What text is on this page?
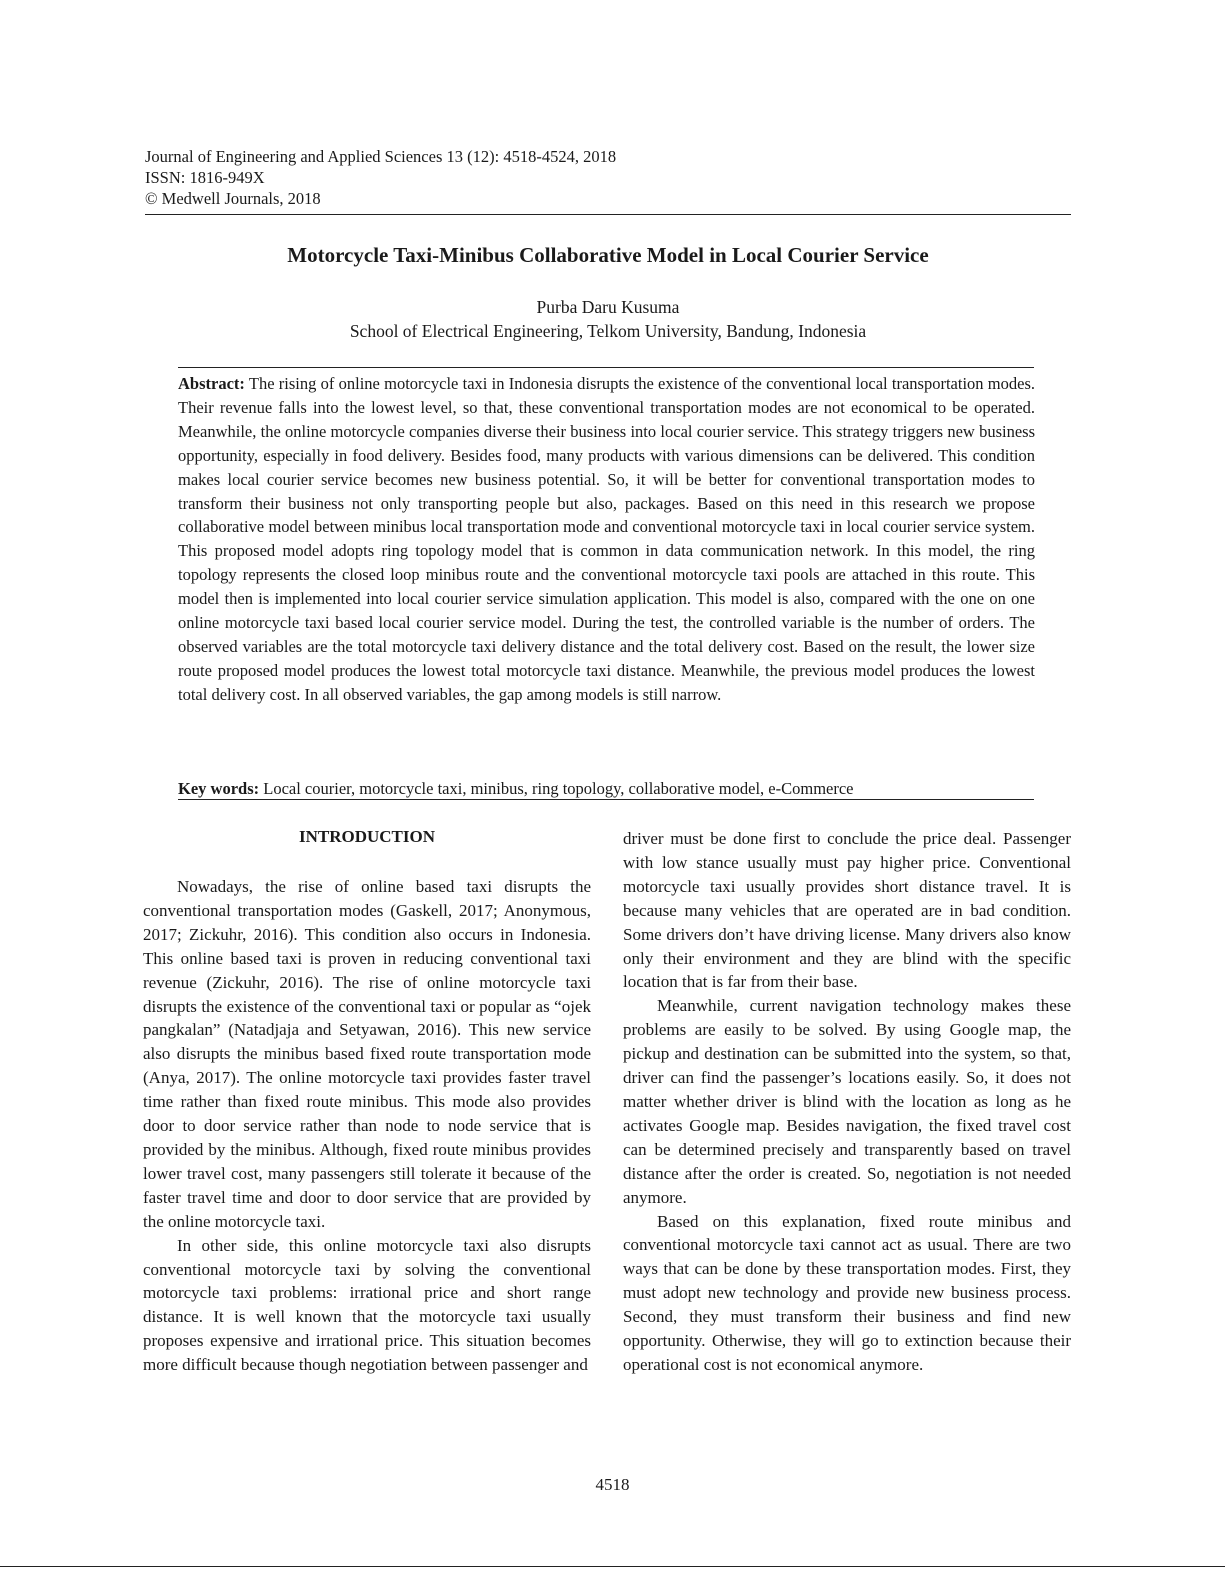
Journal of Engineering and Applied Sciences 13 (12): 4518-4524, 2018
ISSN: 1816-949X
© Medwell Journals, 2018
Motorcycle Taxi-Minibus Collaborative Model in Local Courier Service
Purba Daru Kusuma
School of Electrical Engineering, Telkom University, Bandung, Indonesia
Abstract: The rising of online motorcycle taxi in Indonesia disrupts the existence of the conventional local transportation modes. Their revenue falls into the lowest level, so that, these conventional transportation modes are not economical to be operated. Meanwhile, the online motorcycle companies diverse their business into local courier service. This strategy triggers new business opportunity, especially in food delivery. Besides food, many products with various dimensions can be delivered. This condition makes local courier service becomes new business potential. So, it will be better for conventional transportation modes to transform their business not only transporting people but also, packages. Based on this need in this research we propose collaborative model between minibus local transportation mode and conventional motorcycle taxi in local courier service system. This proposed model adopts ring topology model that is common in data communication network. In this model, the ring topology represents the closed loop minibus route and the conventional motorcycle taxi pools are attached in this route. This model then is implemented into local courier service simulation application. This model is also, compared with the one on one online motorcycle taxi based local courier service model. During the test, the controlled variable is the number of orders. The observed variables are the total motorcycle taxi delivery distance and the total delivery cost. Based on the result, the lower size route proposed model produces the lowest total motorcycle taxi distance. Meanwhile, the previous model produces the lowest total delivery cost. In all observed variables, the gap among models is still narrow.
Key words: Local courier, motorcycle taxi, minibus, ring topology, collaborative model, e-Commerce
INTRODUCTION

Nowadays, the rise of online based taxi disrupts the conventional transportation modes (Gaskell, 2017; Anonymous, 2017; Zickuhr, 2016). This condition also occurs in Indonesia. This online based taxi is proven in reducing conventional taxi revenue (Zickuhr, 2016). The rise of online motorcycle taxi disrupts the existence of the conventional taxi or popular as “ojek pangkalan” (Natadjaja and Setyawan, 2016). This new service also disrupts the minibus based fixed route transportation mode (Anya, 2017). The online motorcycle taxi provides faster travel time rather than fixed route minibus. This mode also provides door to door service rather than node to node service that is provided by the minibus. Although, fixed route minibus provides lower travel cost, many passengers still tolerate it because of the faster travel time and door to door service that are provided by the online motorcycle taxi.

In other side, this online motorcycle taxi also disrupts conventional motorcycle taxi by solving the conventional motorcycle taxi problems: irrational price and short range distance. It is well known that the motorcycle taxi usually proposes expensive and irrational price. This situation becomes more difficult because though negotiation between passenger and

driver must be done first to conclude the price deal. Passenger with low stance usually must pay higher price. Conventional motorcycle taxi usually provides short distance travel. It is because many vehicles that are operated are in bad condition. Some drivers don’t have driving license. Many drivers also know only their environment and they are blind with the specific location that is far from their base.

Meanwhile, current navigation technology makes these problems are easily to be solved. By using Google map, the pickup and destination can be submitted into the system, so that, driver can find the passenger’s locations easily. So, it does not matter whether driver is blind with the location as long as he activates Google map. Besides navigation, the fixed travel cost can be determined precisely and transparently based on travel distance after the order is created. So, negotiation is not needed anymore.

Based on this explanation, fixed route minibus and conventional motorcycle taxi cannot act as usual. There are two ways that can be done by these transportation modes. First, they must adopt new technology and provide new business process. Second, they must transform their business and find new opportunity. Otherwise, they will go to extinction because their operational cost is not economical anymore.

4518
